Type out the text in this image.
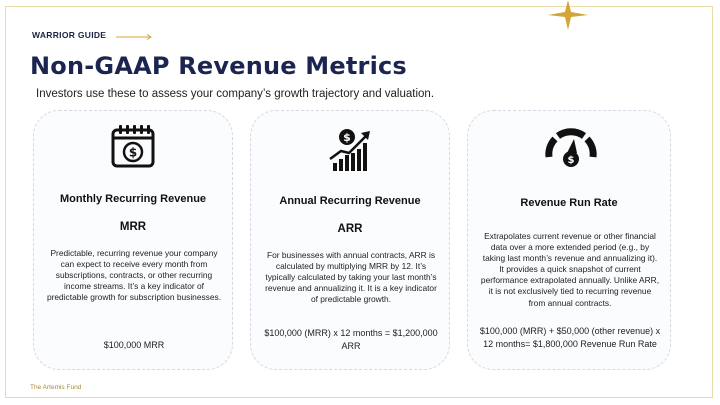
WARRIOR GUIDE
Non-GAAP Revenue Metrics
Investors use these to assess your company’s growth trajectory and valuation.
$
Monthly Recurring Revenue
MRR
Predictable, recurring revenue your company can expect to receive every month from subscriptions, contracts, or other recurring income streams. It’s a key indicator of predictable growth for subscription businesses.
$100,000 MRR
$
Annual Recurring Revenue
ARR
For businesses with annual contracts, ARR is calculated by multiplying MRR by 12. It’s typically calculated by taking your last month’s revenue and annualizing it. It is a key indicator of predictable growth.
$100,000 (MRR) x 12 months = $1,200,000 ARR
$
Revenue Run Rate
Extrapolates current revenue or other financial data over a more extended period (e.g., by taking last month’s revenue and annualizing it). It provides a quick snapshot of current performance extrapolated annually. Unlike ARR, it is not exclusively tied to recurring revenue from annual contracts.
$100,000 (MRR) + $50,000 (other revenue) x 12 months= $1,800,000 Revenue Run Rate
The Artemis Fund
